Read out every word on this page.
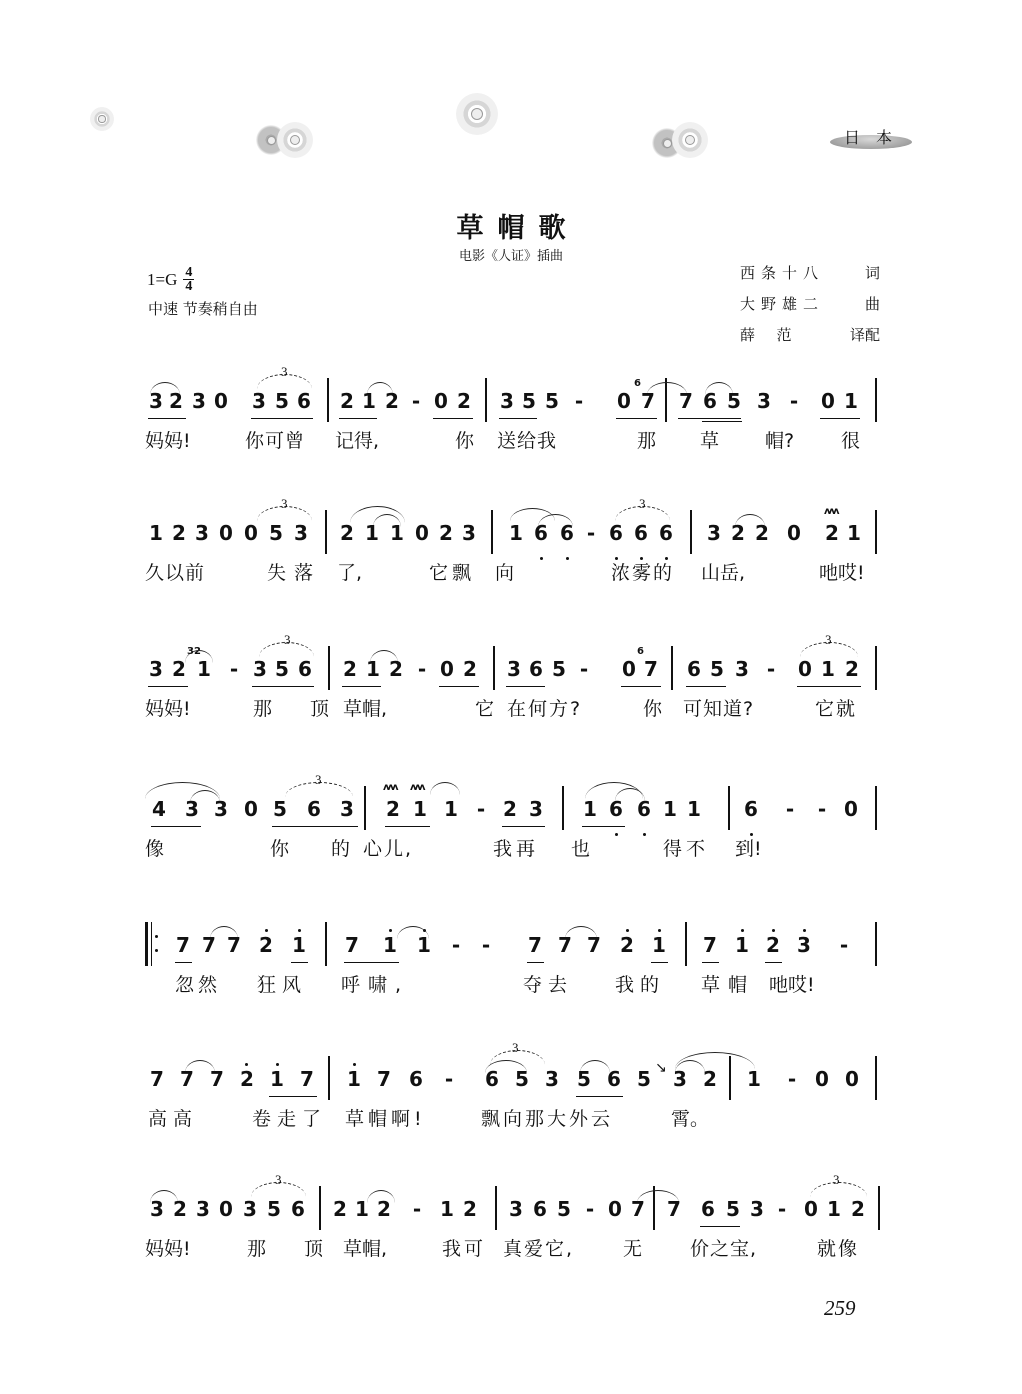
日本
草帽歌
电影《人证》插曲
$1=G \frac{4}{4}$
中速 节奏稍自由
西条十八	词
大野雄二	曲
薛  范	译配
3 2 3 0 3 5 6 2 1 2 - 0 2 3 5 5 - 0
6
7 7 6 5 3 - 0 1
3
妈妈!	你可曾 记得,	你 送给我	那 草 帽? 很
1 2 3 0 0 5 3 2 1 1 0 2 3 1 6 6 - 6 6 6 3 2 2 0 2 1
3	3
ʌʌʌ
久以前	失落 了,	它飘 向	浓雾的 山岳,	吔哎!
3 2
32
1 - 3 5 6 2 1 2 - 0 2 3 6 5 - 0
6
7 6 5 3 - 0 1 2
3	3
妈妈!	那 顶 草帽,	它 在何方?	你 可知道?	它就
4 3 3 0 5 6 3
ʌʌʌ
2
ʌʌʌ
1 1 - 2 3 1 6 6 1 1 6 - - 0
3
像	你 的 心儿,	我再 也	得不 到!
7 7 7 2 1 7 1 1 - - 7 7 7 2 1 7 1 2 3 -
忽然 狂风 呼啸,	夺去 我的 草帽 吔哎!
7 7 7 2 1 7 1 7 6 - 6 5 3 5 6 5 3 2 1 - 0 0
3
↘
高高	卷走了 草帽啊!	飘向那大外云	霄。
3 2 3 0 3 5 6 2 1 2 - 1 2 3 6 5 - 0 7 7 6 5 3 - 0 1 2
3	3
妈妈!	那 顶 草帽,	我可 真爱它,	无	价之宝,	就像
259
